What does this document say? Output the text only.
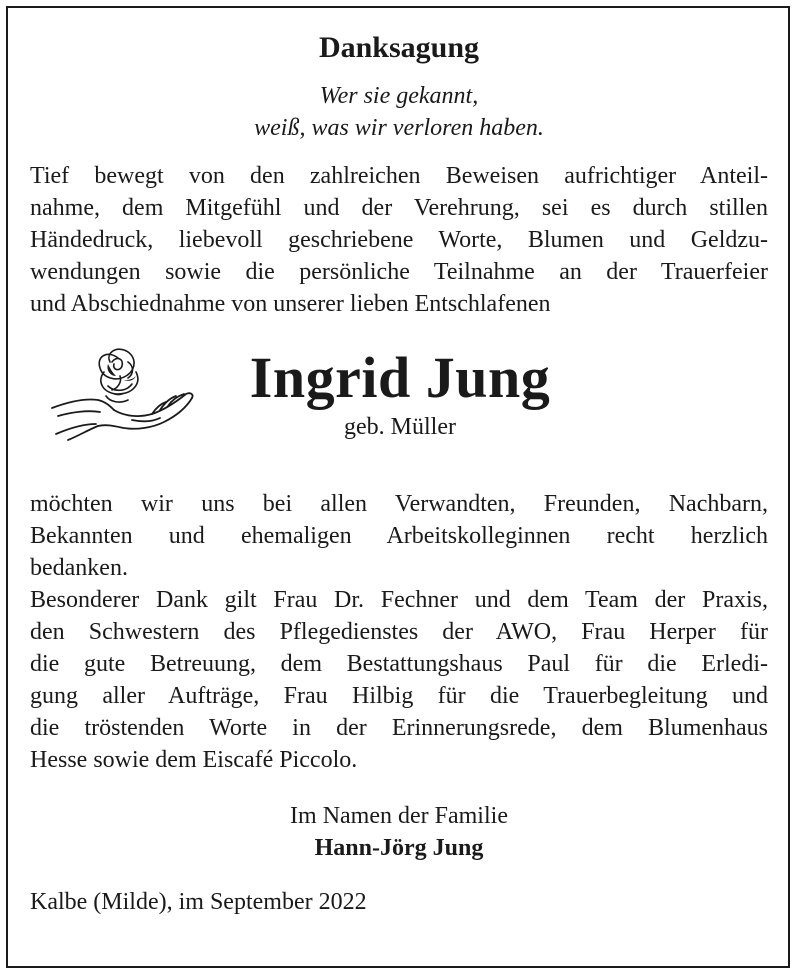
Danksagung
Wer sie gekannt,
weiß, was wir verloren haben.

Tief bewegt von den zahlreichen Beweisen aufrichtiger Anteil-
nahme, dem Mitgefühl und der Verehrung, sei es durch stillen
Händedruck, liebevoll geschriebene Worte, Blumen und Geldzu-
wendungen sowie die persönliche Teilnahme an der Trauerfeier
und Abschiednahme von unserer lieben Entschlafenen

Ingrid Jung
geb. Müller

möchten wir uns bei allen Verwandten, Freunden, Nachbarn,
Bekannten und ehemaligen Arbeitskolleginnen recht herzlich
bedanken.
Besonderer Dank gilt Frau Dr. Fechner und dem Team der Praxis,
den Schwestern des Pflegedienstes der AWO, Frau Herper für
die gute Betreuung, dem Bestattungshaus Paul für die Erledi-
gung aller Aufträge, Frau Hilbig für die Trauerbegleitung und
die tröstenden Worte in der Erinnerungsrede, dem Blumenhaus
Hesse sowie dem Eiscafé Piccolo.

Im Namen der Familie
Hann-Jörg Jung
Kalbe (Milde), im September 2022
